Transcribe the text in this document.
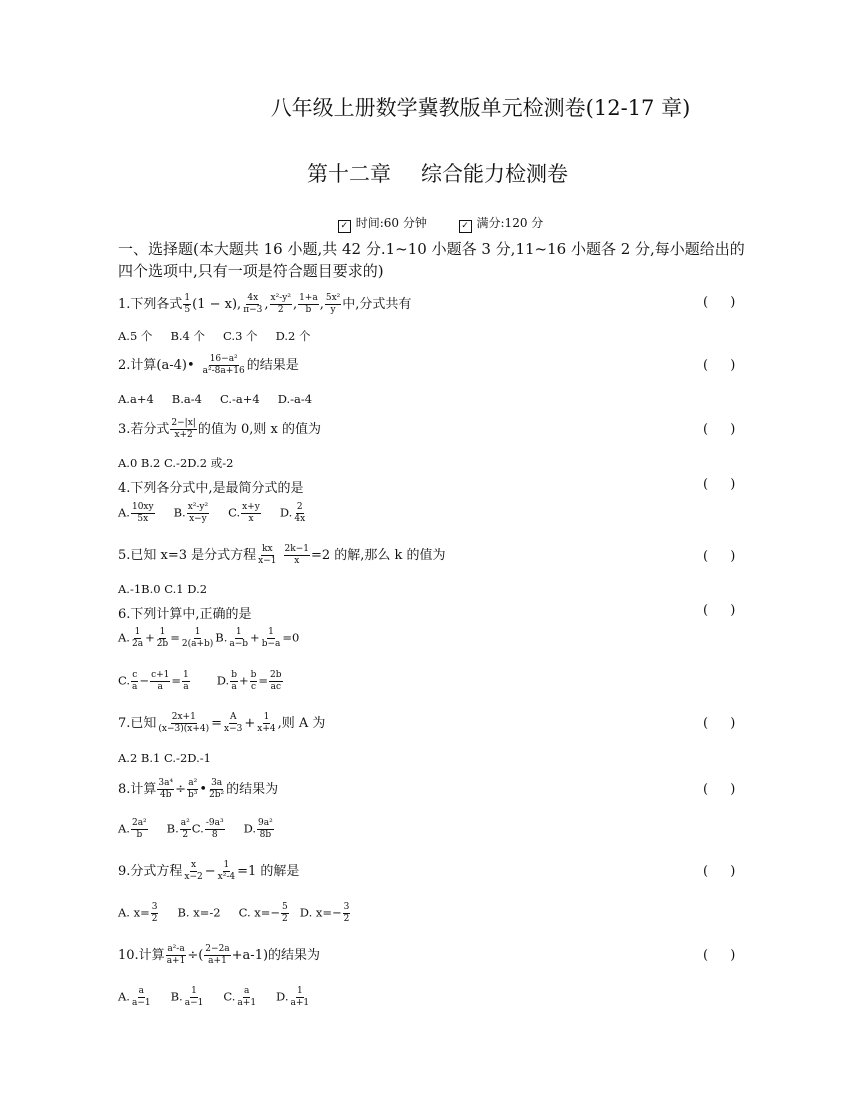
八年级上册数学冀教版单元检测卷(12-17 章)
第十二章 综合能力检测卷
✓ 时间:60 分钟	✓ 满分:120 分
一、选择题(本大题共 16 小题,共 42 分.1~10 小题各 3 分,11~16 小题各 2 分,每小题给出的四个选项中,只有一项是符合题目要求的)
1.下列各式 $\frac{1}{5} (1 - x)$, $\frac{4x}{\pi-3}$ , $\frac{\text{x²-y²}}{2}$ , $\frac{1+a}{b}$ , $\frac{\text{5x²}}{y}$ 中,分式共有	( )
A.5 个 B.4 个 C.3 个 D.2 个
2.计算(a-4)• $\frac{\text{16−a²}}{\text{a²-8a+16}}$ 的结果是	( )
A.a+4 B.a-4 C.-a+4 D.-a-4
3.若分式 $\frac{2-|x|}{x+2}$ 的值为 0,则 x 的值为	( )
A.0 B.2 C.-2D.2 或-2
4.下列各分式中,是最简分式的是	( )
A. $\frac{10xy}{5x} B$. $\frac{\text{x²-y²}}{x-y} C$. $\frac{x+y}{x} D$. $\frac{2}{4x}$
5.已知 x=3 是分式方程 $\frac{kx}{x-1} \frac{2k-1}{x} =2$ 的解,那么 k 的值为	( )
A.-1B.0 C.1 D.2
6.下列计算中,正确的是	( )
A. $\frac{1}{2a} + \frac{1}{2b} = \frac{1}{2(a+b)} B$. $\frac{1}{a-b} + \frac{1}{b-a} =0$
C. $\frac{c}{a} - \frac{c+1}{a} = \frac{1}{a} D$. $\frac{b}{a} + \frac{b}{c} = \frac{2b}{ac}$
7.已知 $\frac{2x+1}{(x-3)(x+4)} = \frac{A}{x-3} + \frac{1}{x+4}$ ,则 A 为	( )
A.2 B.1 C.-2D.-1
8.计算 $\frac{\text{3a⁴}}{4b} \div \frac{\text{a²}}{\text{b³}}$ • $\frac{3a}{\text{2b²}}$ 的结果为	( )
A. $\frac{\text{2a²}}{b} B$. $\frac{\text{a²}}{2} C$. $\frac{\text{-9a³}}{8} D$. $\frac{\text{9a²}}{8b}$
9.分式方程 $\frac{x}{x-2} - \frac{1}{\text{x²-4}} =1$ 的解是	( )
A. $x= \frac{3}{2} B$. x=-2 C. $x=- \frac{5}{2} D$. $x=- \frac{3}{2}$
10.计算 $\frac{\text{a²-a}}{a+1}$ ÷( $\frac{2-2a}{a+1} +a-1$)的结果为	( )
A. $\frac{a}{a-1} B$. $\frac{1}{a-1} C$. $\frac{a}{a+1} D$. $\frac{1}{a+1}$
